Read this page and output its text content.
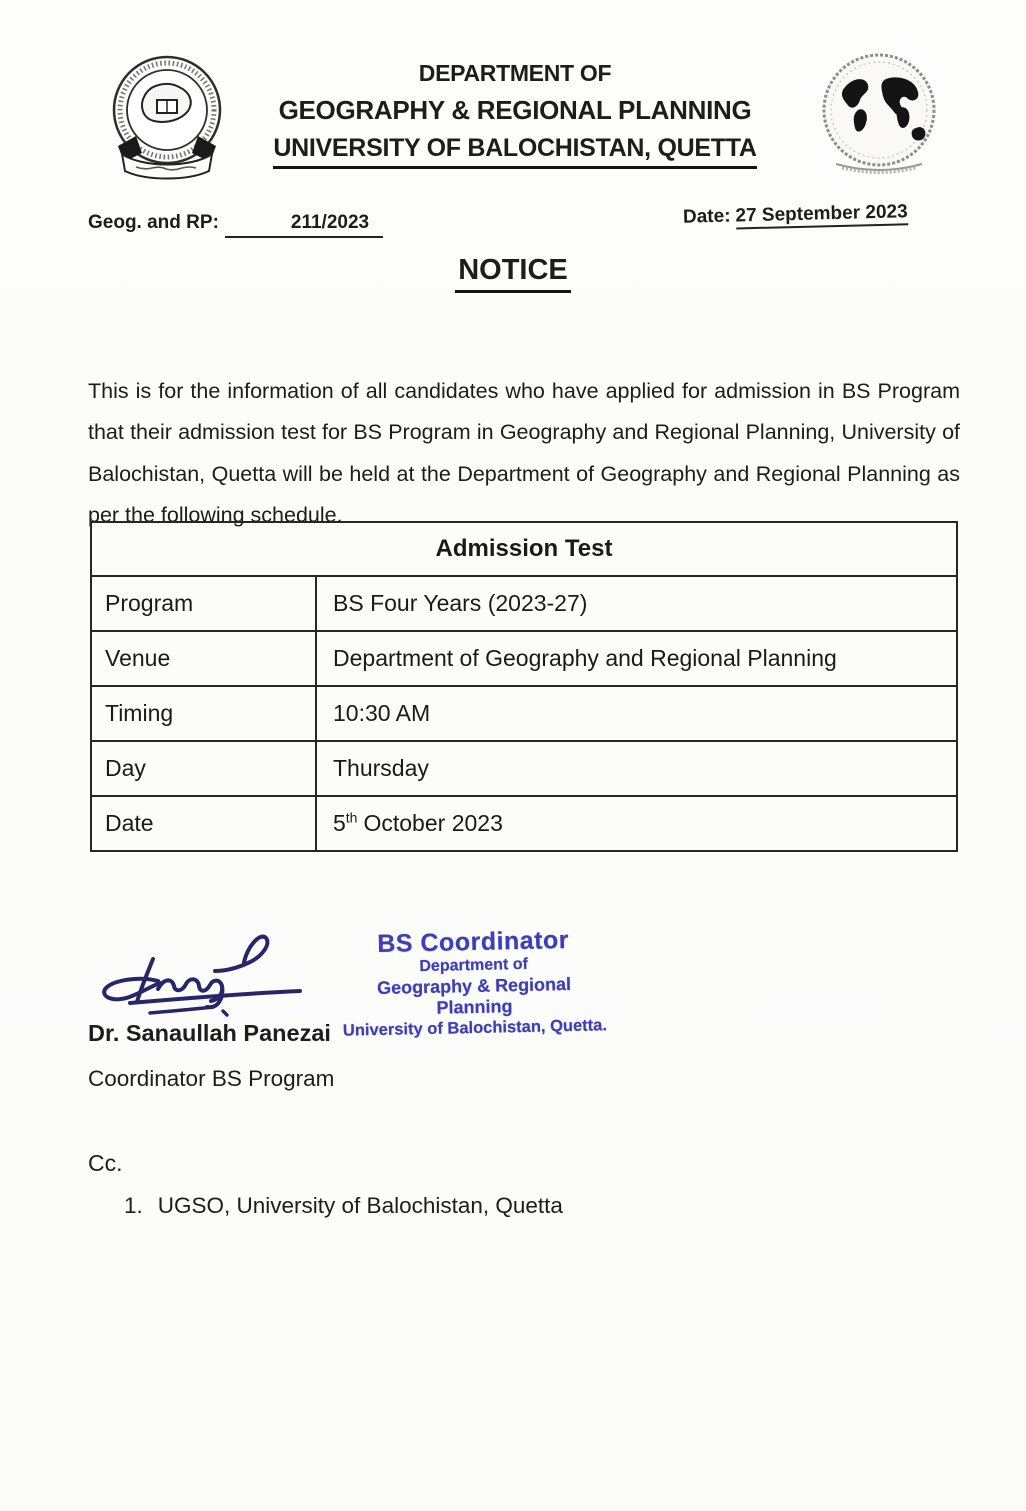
DEPARTMENT OF
GEOGRAPHY & REGIONAL PLANNING
UNIVERSITY OF BALOCHISTAN, QUETTA
Geog. and RP:	211/2023	Date: 27 September 2023
NOTICE

This is for the information of all candidates who have applied for admission in BS Program that their admission test for BS Program in Geography and Regional Planning, University of Balochistan, Quetta will be held at the Department of Geography and Regional Planning as per the following schedule.

Admission Test	
Program	BS Four Years (2023-27)
Venue	Department of Geography and Regional Planning
Timing	10:30 AM
Day	Thursday
Date	5th October 2023
BS Coordinator
Department of
Geography & Regional Planning
University of Balochistan, Quetta.
Dr. Sanaullah Panezai
Coordinator BS Program
Cc.
1. UGSO, University of Balochistan, Quetta
